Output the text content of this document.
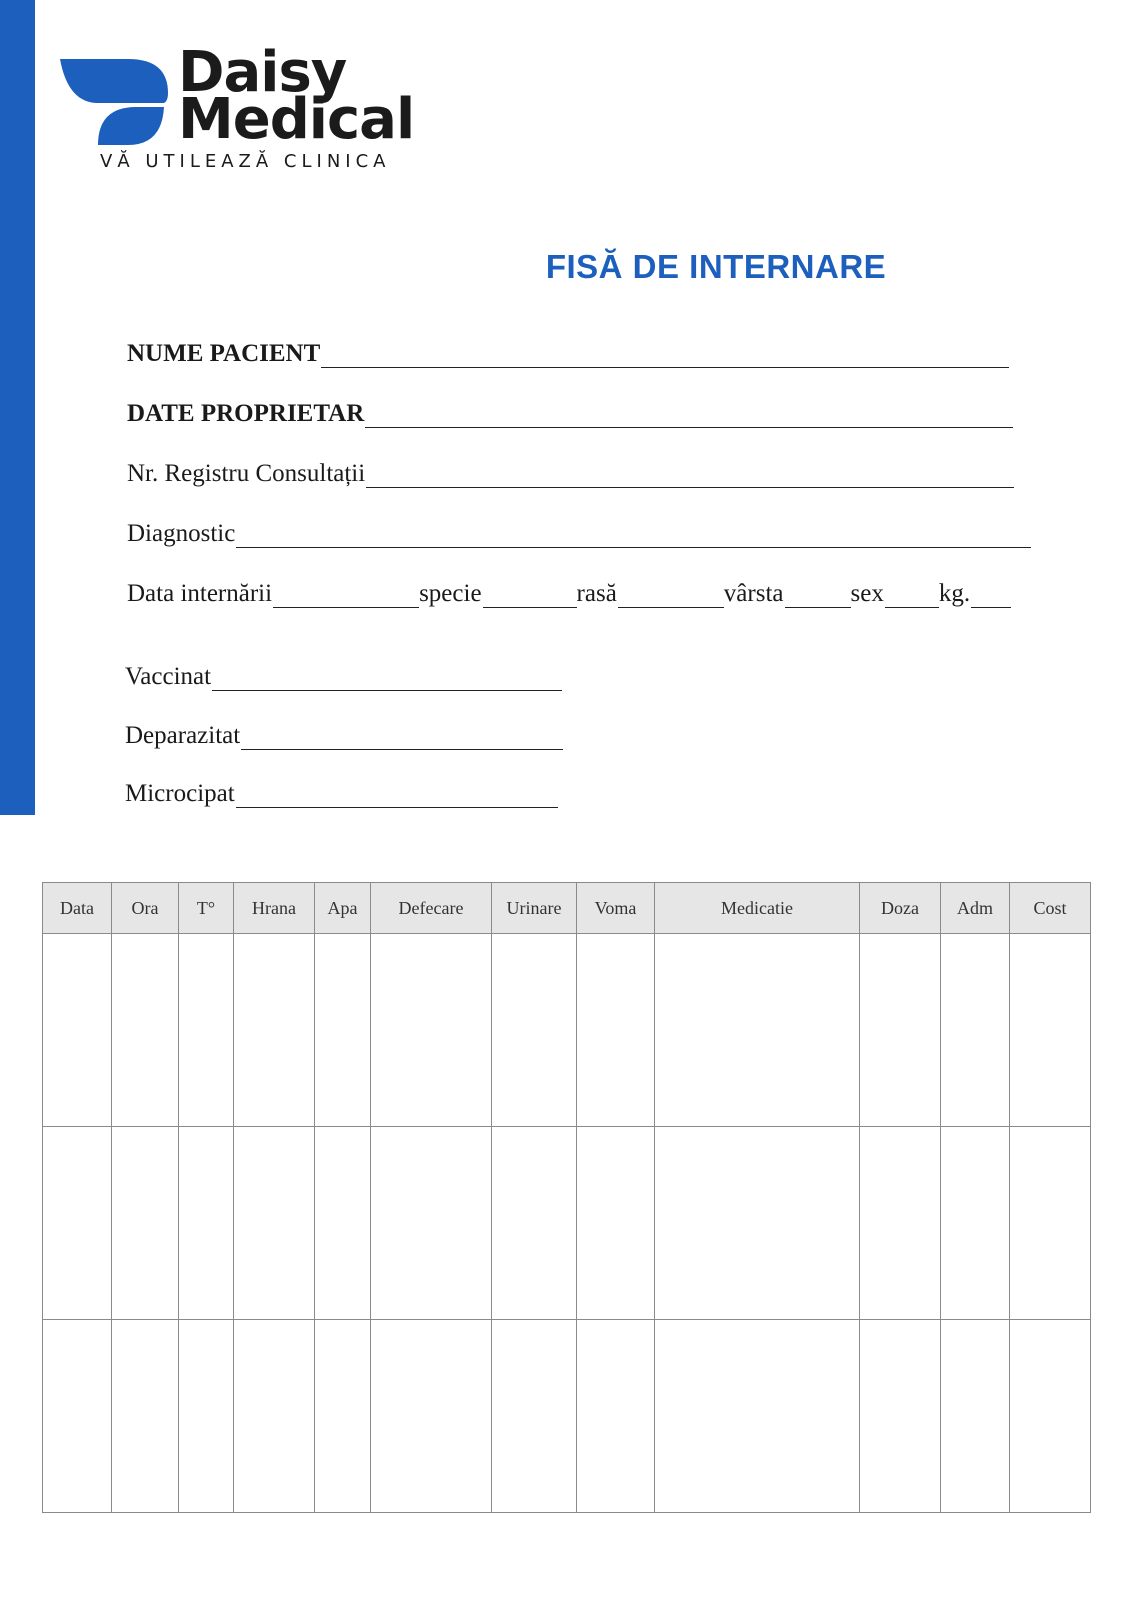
Daisy
Medical
VĂ UTILEAZĂ CLINICA
FISĂ DE INTERNARE
NUME PACIENT
DATE PROPRIETAR
Nr. Registru Consultații
Diagnostic
Data internării	specie	rasă	vârsta	sex kg.
Vaccinat
Deparazitat
Microcipat
Data	Ora	T°	Hrana	Apa	Defecare	Urinare	Voma	Medicatie	Doza	Adm	Cost
